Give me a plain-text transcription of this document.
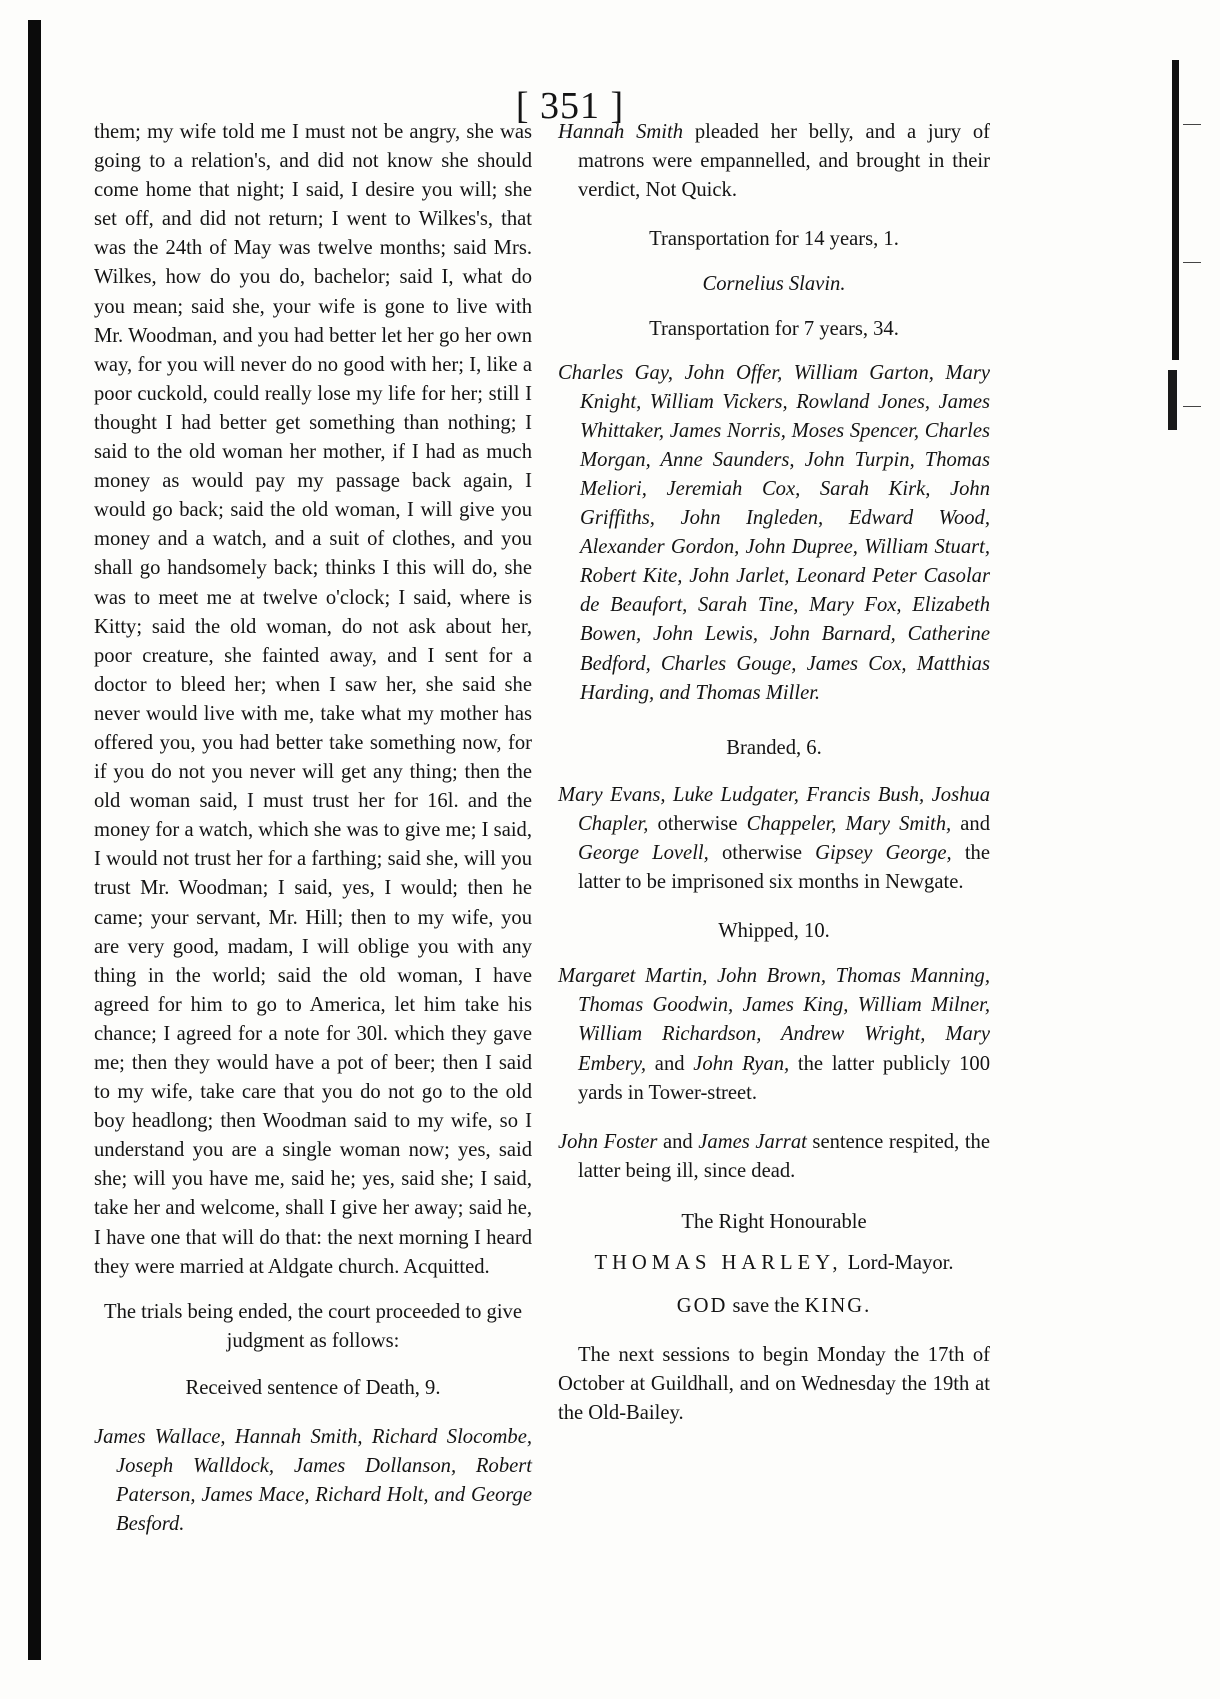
[ 351 ]

them; my wife told me I must not be angry, she was going to a relation's, and did not know she should come home that night; I said, I desire you will; she set off, and did not return; I went to Wilkes's, that was the 24th of May was twelve months; said Mrs. Wilkes, how do you do, bachelor; said I, what do you mean; said she, your wife is gone to live with Mr. Woodman, and you had better let her go her own way, for you will never do no good with her; I, like a poor cuckold, could really lose my life for her; still I thought I had better get something than nothing; I said to the old woman her mother, if I had as much money as would pay my passage back again, I would go back; said the old woman, I will give you money and a watch, and a suit of clothes, and you shall go handsomely back; thinks I this will do, she was to meet me at twelve o'clock; I said, where is Kitty; said the old woman, do not ask about her, poor creature, she fainted away, and I sent for a doctor to bleed her; when I saw her, she said she never would live with me, take what my mother has offered you, you had better take something now, for if you do not you never will get any thing; then the old woman said, I must trust her for 16l. and the money for a watch, which she was to give me; I said, I would not trust her for a farthing; said she, will you trust Mr. Woodman; I said, yes, I would; then he came; your servant, Mr. Hill; then to my wife, you are very good, madam, I will oblige you with any thing in the world; said the old woman, I have agreed for him to go to America, let him take his chance; I agreed for a note for 30l. which they gave me; then they would have a pot of beer; then I said to my wife, take care that you do not go to the old boy headlong; then Woodman said to my wife, so I understand you are a single woman now; yes, said she; will you have me, said he; yes, said she; I said, take her and welcome, shall I give her away; said he, I have one that will do that: the next morning I heard they were married at Aldgate church. Acquitted.

The trials being ended, the court proceeded to give judgment as follows:

Received sentence of Death, 9.

James Wallace, Hannah Smith, Richard Slocombe, Joseph Walldock, James Dollanson, Robert Paterson, James Mace, Richard Holt, and George Besford.

Hannah Smith pleaded her belly, and a jury of matrons were empannelled, and brought in their verdict, Not Quick.

Transportation for 14 years, 1.

Cornelius Slavin.

Transportation for 7 years, 34.

Charles Gay, John Offer, William Garton, Mary Knight, William Vickers, Rowland Jones, James Whittaker, James Norris, Moses Spencer, Charles Morgan, Anne Saunders, John Turpin, Thomas Meliori, Jeremiah Cox, Sarah Kirk, John Griffiths, John Ingleden, Edward Wood, Alexander Gordon, John Dupree, William Stuart, Robert Kite, John Jarlet, Leonard Peter Casolar de Beaufort, Sarah Tine, Mary Fox, Elizabeth Bowen, John Lewis, John Barnard, Catherine Bedford, Charles Gouge, James Cox, Matthias Harding, and Thomas Miller.

Branded, 6.

Mary Evans, Luke Ludgater, Francis Bush, Joshua Chapler, otherwise Chappeler, Mary Smith, and George Lovell, otherwise Gipsey George, the latter to be imprisoned six months in Newgate.

Whipped, 10.

Margaret Martin, John Brown, Thomas Manning, Thomas Goodwin, James King, William Milner, William Richardson, Andrew Wright, Mary Embery, and John Ryan, the latter publicly 100 yards in Tower-street.

John Foster and James Jarrat sentence respited, the latter being ill, since dead.

The Right Honourable

THOMAS HARLEY, Lord-Mayor.

GOD save the KING.

The next sessions to begin Monday the 17th of October at Guildhall, and on Wednesday the 19th at the Old-Bailey.
